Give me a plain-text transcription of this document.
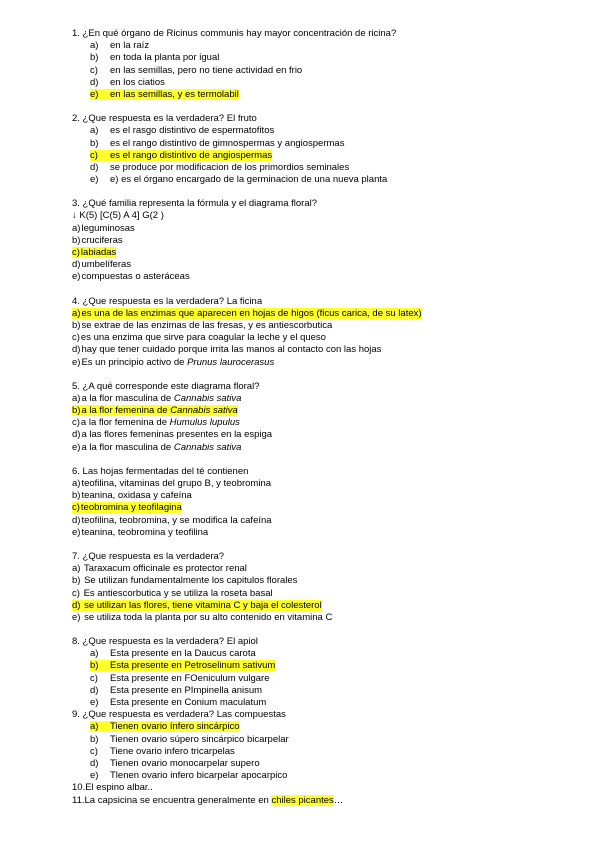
1. ¿En qué órgano de Ricinus communis hay mayor concentración de ricina?
a) en la raíz
b) en toda la planta por igual
c) en las semillas, pero no tiene actividad en frio
d) en los ciatios
e) en las semillas, y es termolabil
2. ¿Que respuesta es la verdadera? El fruto
a) es el rasgo distintivo de espermatofitos
b) es el rango distintivo de gimnospermas y angiospermas
c) es el rango distintivo de angiospermas
d) se produce por modificacion de los primordios seminales
e) e) es el órgano encargado de la germinacion de una nueva planta
3. ¿Qué familia representa la fórmula y el diagrama floral?
↓ K(5) [C(5) A 4] G(2 )
a)leguminosas
b)cruciferas
c)labiadas
d)umbelíferas
e)compuestas o asteráceas
4. ¿Que respuesta es la verdadera? La ficina
a)es una de las enzimas que aparecen en hojas de higos (ficus carica, de su latex)
b)se extrae de las enzimas de las fresas, y es antiescorbutica
c)es una enzima que sirve para coagular la leche y el queso
d)hay que tener cuidado porque irrita las manos al contacto con las hojas
e)Es un principio activo de Prunus laurocerasus
5. ¿A qué corresponde este diagrama floral?
a)a la flor masculina de Cannabis sativa
b)a la flor femenina de Cannabis sativa
c)a la flor femenina de Humulus lupulus
d)a las flores femeninas presentes en la espiga
e)a la flor masculina de Cannabis sativa
6. Las hojas fermentadas del té contienen
a)teofilina, vitaminas del grupo B, y teobromina
b)teanina, oxidasa y cafeína
c)teobromina y teofilagina
d)teofilina, teobromina, y se modifica la cafeína
e)teanina, teobromina y teofilina
7. ¿Que respuesta es la verdadera?
a) Taraxacum officinale es protector renal
b) Se utilizan fundamentalmente los capitulos florales
c) Es antiescorbutica y se utiliza la roseta basal
d) se utilizan las flores, tiene vitamina C y baja el colesterol
e) se utiliza toda la planta por su alto contenido en vitamina C
8. ¿Que respuesta es la verdadera? El apiol
a) Esta presente en la Daucus carota
b) Esta presente en Petroselinum sativum
c) Esta presente en FOeniculum vulgare
d) Esta presente en PImpinella anisum
e) Esta presente en Conium maculatum
9. ¿Que respuesta es verdadera? Las compuestas
a) Tienen ovario ínfero sincárpico
b) Tienen ovario súpero sincárpico bicarpelar
c) Tiene ovario infero tricarpelas
d) Tienen ovario monocarpelar supero
e) Tlenen ovario infero bicarpelar apocarpico
10.El espino albar..
11.La capsicina se encuentra generalmente en chiles picantes…
